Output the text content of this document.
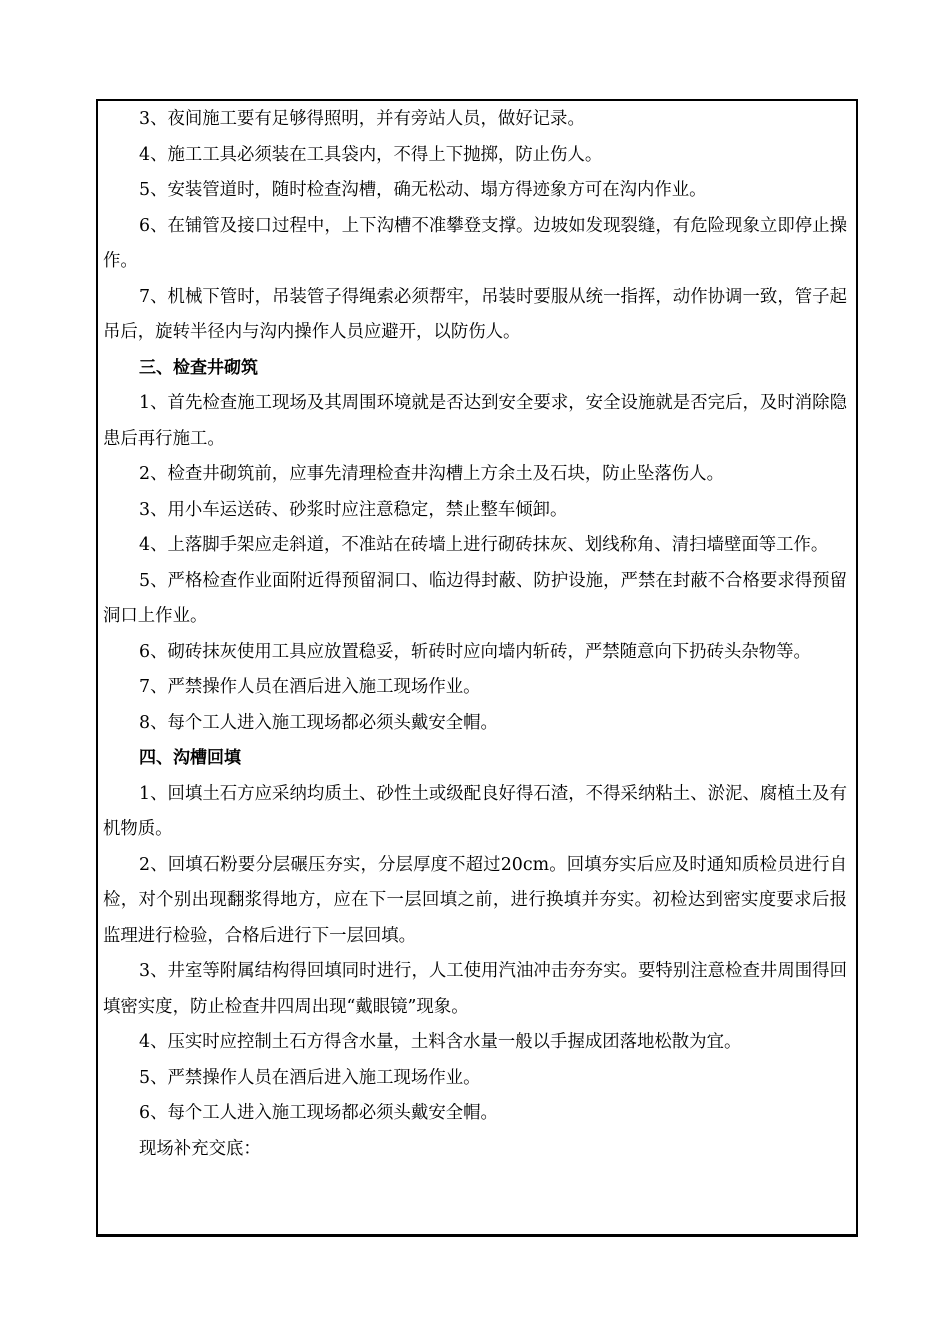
3、夜间施工要有足够得照明，并有旁站人员，做好记录。

4、施工工具必须装在工具袋内，不得上下抛掷，防止伤人。

5、安装管道时，随时检查沟槽，确无松动、塌方得迹象方可在沟内作业。

6、在铺管及接口过程中，上下沟槽不准攀登支撑。边坡如发现裂缝，有危险现象立即停止操作。

7、机械下管时，吊装管子得绳索必须帮牢，吊装时要服从统一指挥，动作协调一致，管子起吊后，旋转半径内与沟内操作人员应避开，以防伤人。

三、检查井砌筑

1、首先检查施工现场及其周围环境就是否达到安全要求，安全设施就是否完后，及时消除隐患后再行施工。

2、检查井砌筑前，应事先清理检查井沟槽上方余土及石块，防止坠落伤人。

3、用小车运送砖、砂浆时应注意稳定，禁止整车倾卸。

4、上落脚手架应走斜道，不准站在砖墙上进行砌砖抹灰、划线称角、清扫墙壁面等工作。

5、严格检查作业面附近得预留洞口、临边得封蔽、防护设施，严禁在封蔽不合格要求得预留洞口上作业。

6、砌砖抹灰使用工具应放置稳妥，斩砖时应向墙内斩砖，严禁随意向下扔砖头杂物等。

7、严禁操作人员在酒后进入施工现场作业。

8、每个工人进入施工现场都必须头戴安全帽。

四、沟槽回填

1、回填土石方应采纳均质土、砂性土或级配良好得石渣，不得采纳粘土、淤泥、腐植土及有机物质。

2、回填石粉要分层碾压夯实，分层厚度不超过20cm。回填夯实后应及时通知质检员进行自检，对个别出现翻浆得地方，应在下一层回填之前，进行换填并夯实。初检达到密实度要求后报监理进行检验，合格后进行下一层回填。

3、井室等附属结构得回填同时进行，人工使用汽油冲击夯夯实。要特别注意检查井周围得回填密实度，防止检查井四周出现“戴眼镜”现象。

4、压实时应控制土石方得含水量，土料含水量一般以手握成团落地松散为宜。

5、严禁操作人员在酒后进入施工现场作业。

6、每个工人进入施工现场都必须头戴安全帽。

现场补充交底：
